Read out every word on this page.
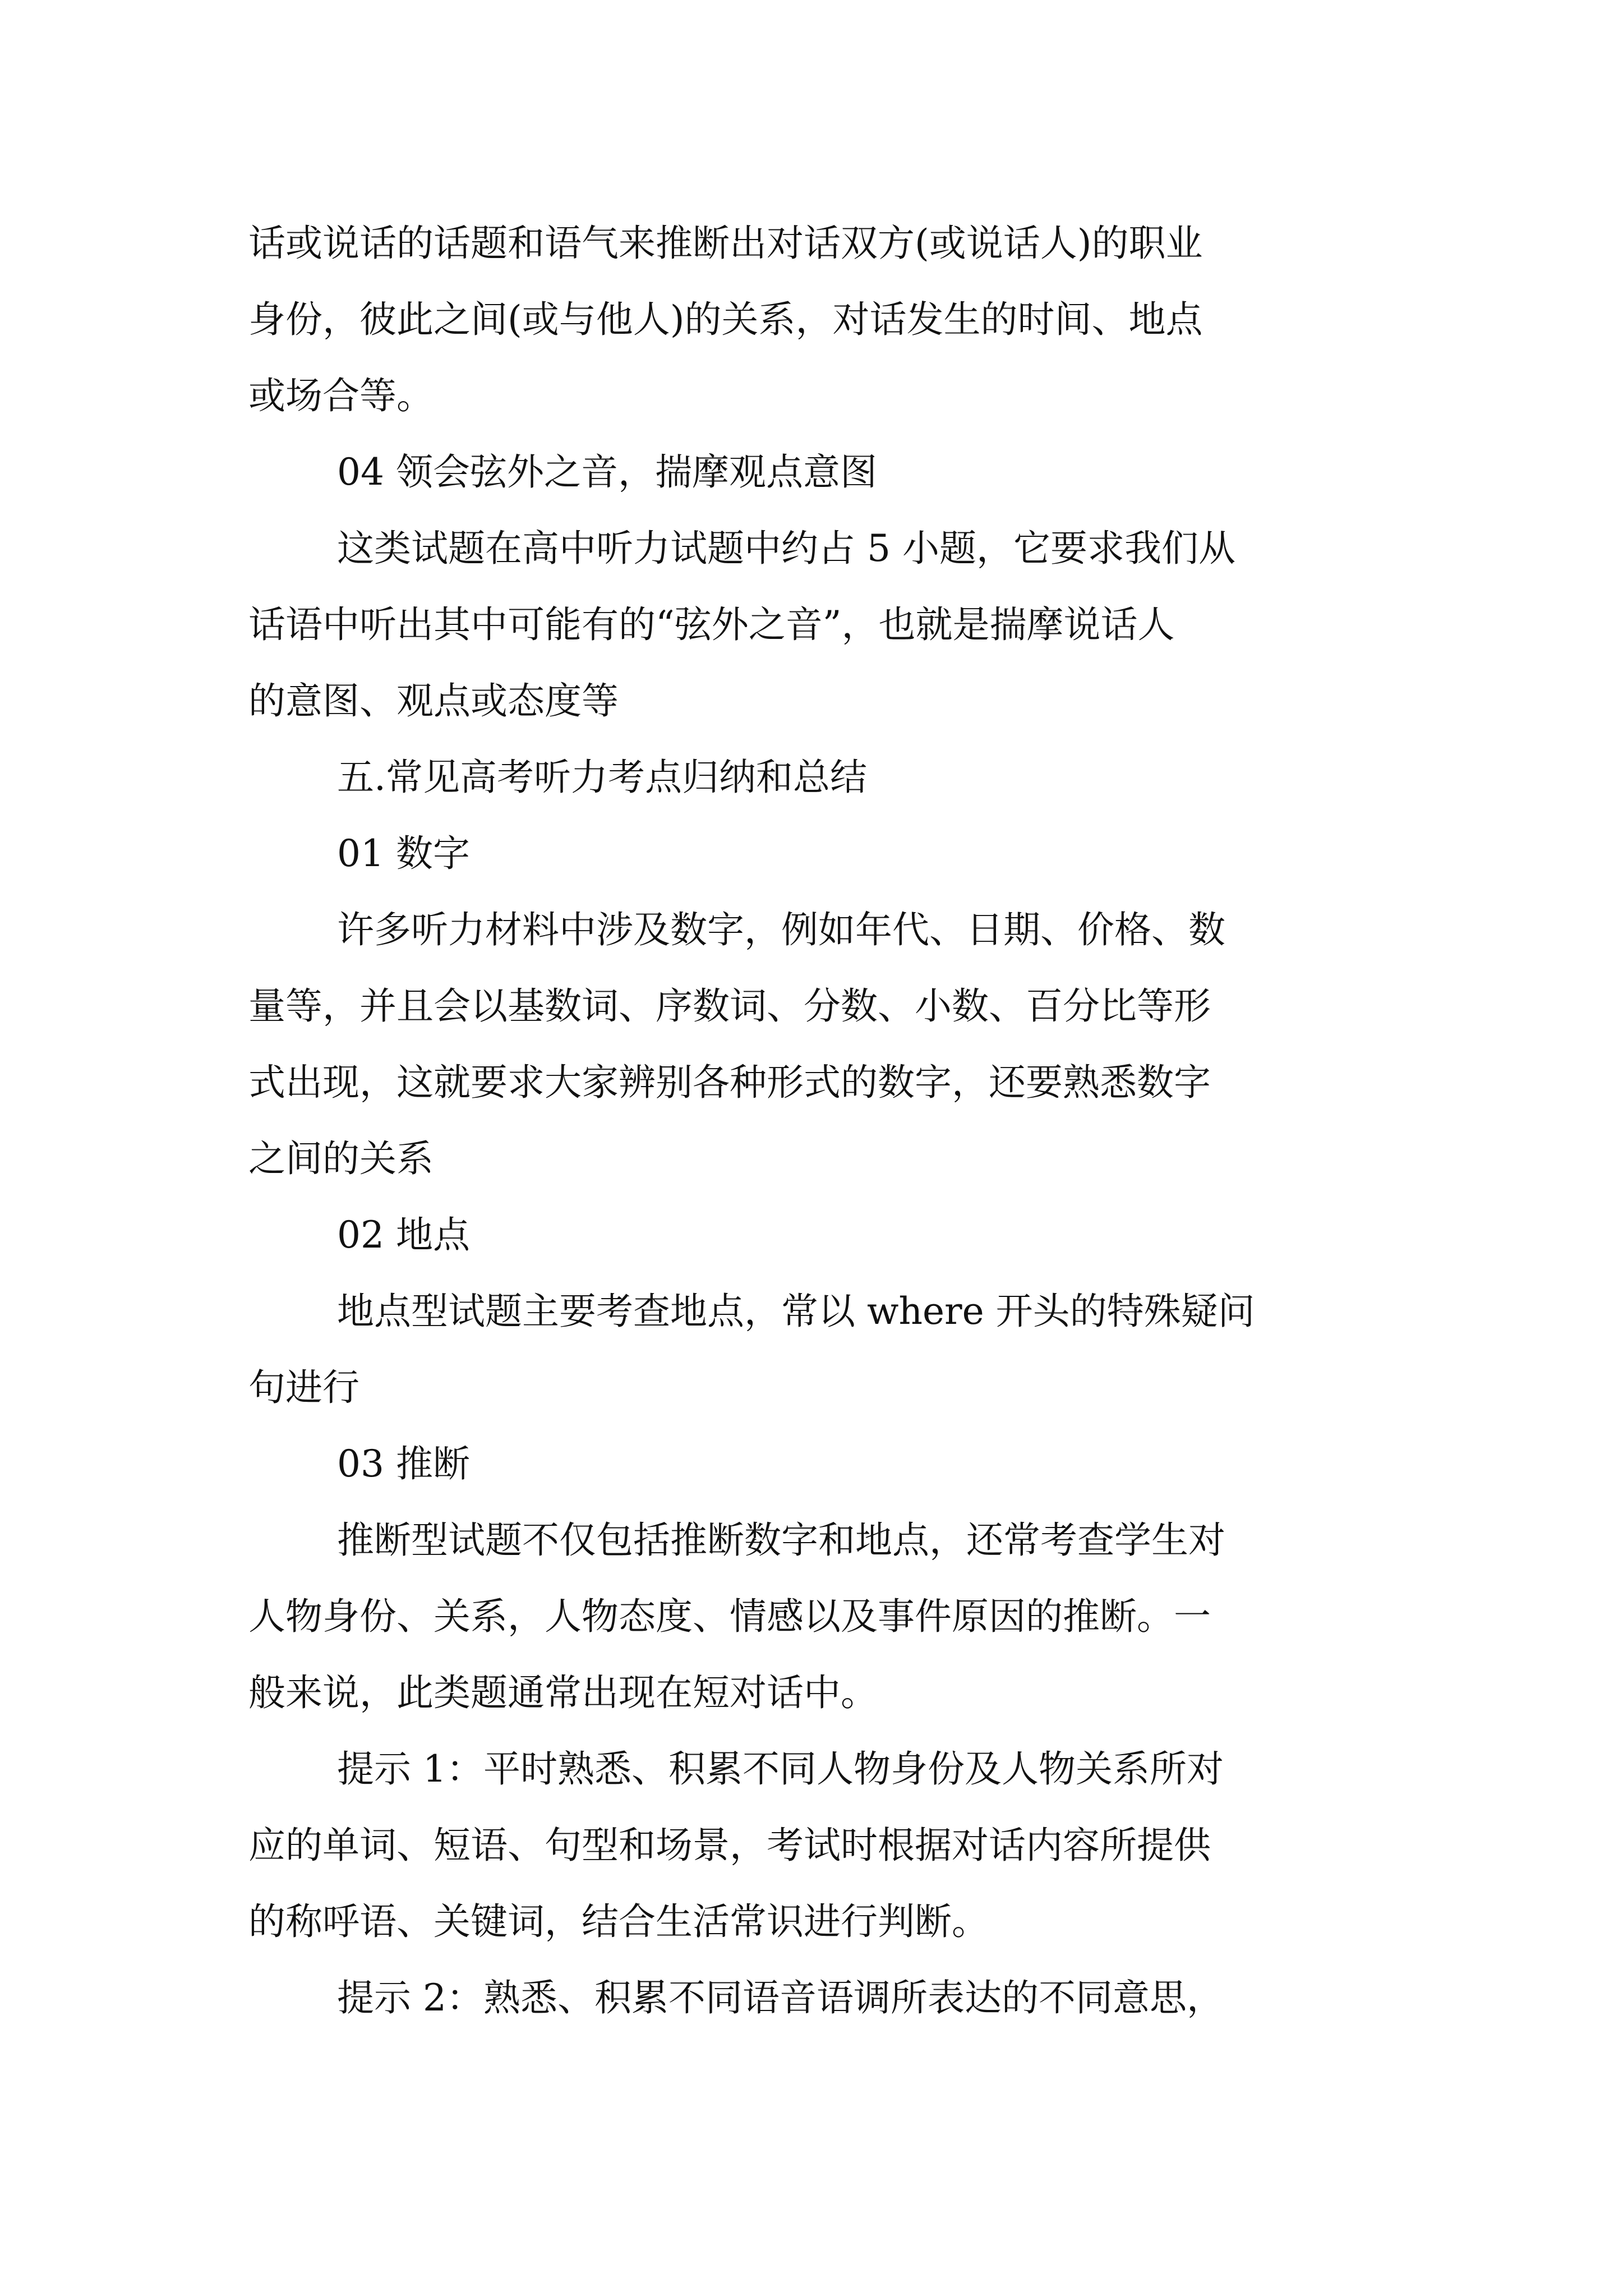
话或说话的话题和语气来推断出对话双方(或说话人)的职业
身份，彼此之间(或与他人)的关系，对话发生的时间、地点
或场合等。
04 领会弦外之音，揣摩观点意图
这类试题在高中听力试题中约占 5 小题，它要求我们从
话语中听出其中可能有的“弦外之音”，也就是揣摩说话人
的意图、观点或态度等
五.常见高考听力考点归纳和总结
01 数字
许多听力材料中涉及数字，例如年代、日期、价格、数
量等，并且会以基数词、序数词、分数、小数、百分比等形
式出现，这就要求大家辨别各种形式的数字，还要熟悉数字
之间的关系
02 地点
地点型试题主要考查地点，常以 where 开头的特殊疑问
句进行
03 推断
推断型试题不仅包括推断数字和地点，还常考查学生对
人物身份、关系，人物态度、情感以及事件原因的推断。一
般来说，此类题通常出现在短对话中。
提示 1：平时熟悉、积累不同人物身份及人物关系所对
应的单词、短语、句型和场景，考试时根据对话内容所提供
的称呼语、关键词，结合生活常识进行判断。
提示 2：熟悉、积累不同语音语调所表达的不同意思，
